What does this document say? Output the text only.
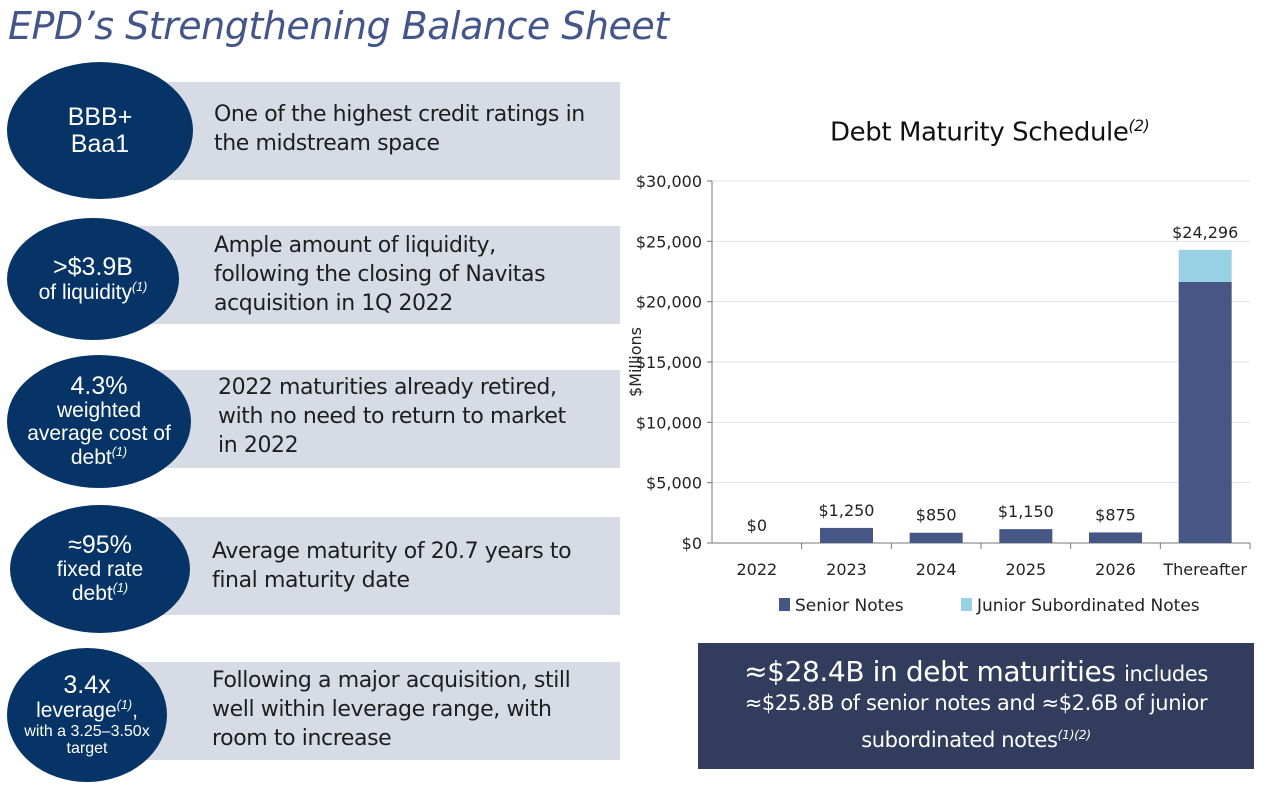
EPD’s Strengthening Balance Sheet
BBB+
Baa1
One of the highest credit ratings in
the midstream space
>$3.9B
of liquidity$^{(1)}$
Ample amount of liquidity,
following the closing of Navitas
acquisition in 1Q 2022
4.3%
weighted
average cost of
debt$^{(1)}$
2022 maturities already retired,
with no need to return to market
in 2022
≈95%
fixed rate
debt$^{(1)}$
Average maturity of 20.7 years to
final maturity date
3.4x
leverage$^{(1)}$,
with a 3.25–3.50x
target
Following a major acquisition, still
well within leverage range, with
room to increase
Debt Maturity Schedule$^{(2)}$
$0
$5,000
$10,000
$15,000
$20,000
$25,000
$30,000
$Millions
$0
2022
$1,250
2023
$850
2024
$1,150
2025
$875
2026
$24,296
Thereafter
Senior Notes	Junior Subordinated Notes
≈$28.4B in debt maturities includes
≈$25.8B of senior notes and ≈$2.6B of junior
subordinated notes$^{(1)(2)}$
